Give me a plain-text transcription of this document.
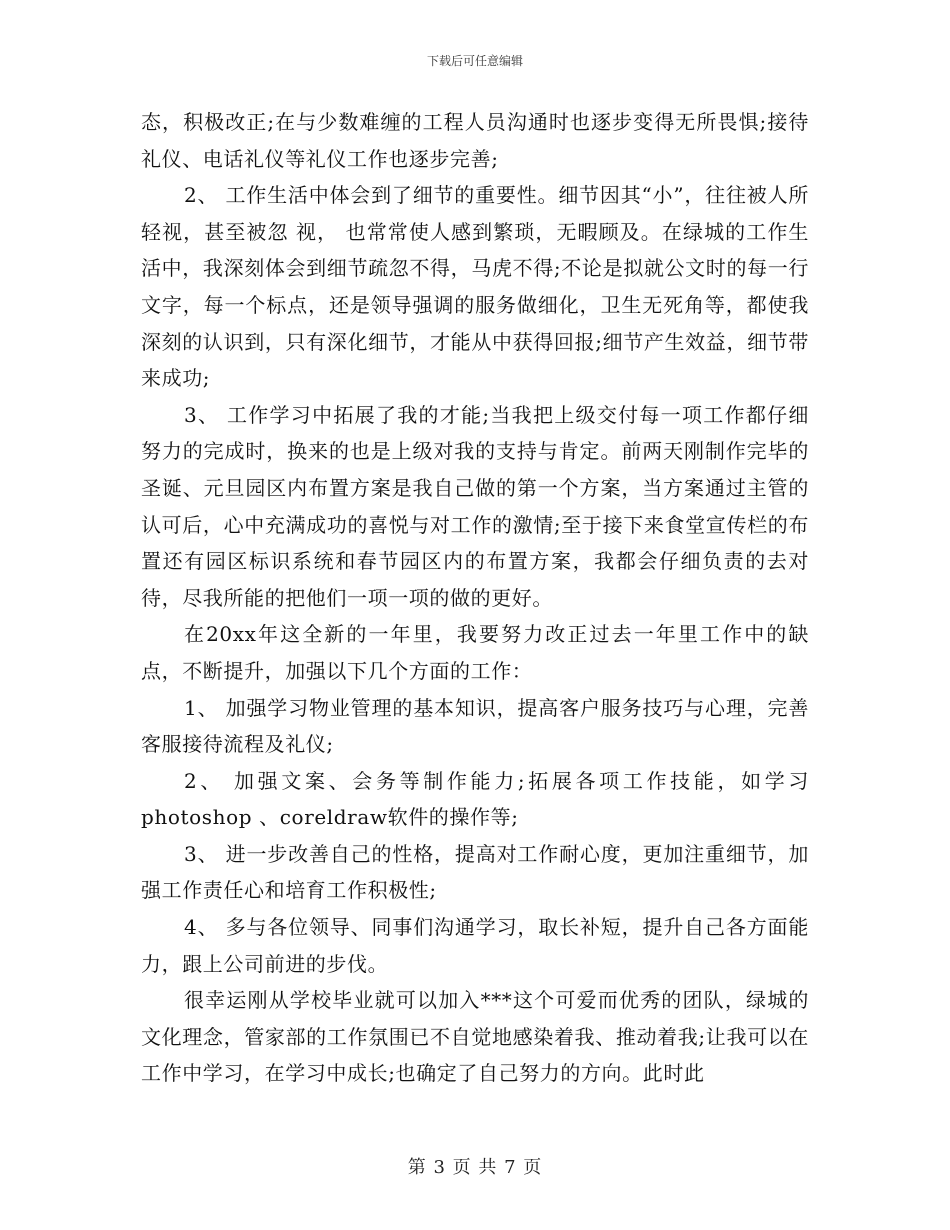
下载后可任意编辑

态，积极改正;在与少数难缠的工程人员沟通时也逐步变得无所畏惧;接待礼仪、电话礼仪等礼仪工作也逐步完善;

2、 工作生活中体会到了细节的重要性。细节因其“小”，往往被人所轻视，甚至被忽 视， 也常常使人感到繁琐，无暇顾及。在绿城的工作生活中，我深刻体会到细节疏忽不得，马虎不得;不论是拟就公文时的每一行文字，每一个标点，还是领导强调的服务做细化，卫生无死角等，都使我深刻的认识到，只有深化细节，才能从中获得回报;细节产生效益，细节带来成功;

3、 工作学习中拓展了我的才能;当我把上级交付每一项工作都仔细努力的完成时，换来的也是上级对我的支持与肯定。前两天刚制作完毕的圣诞、元旦园区内布置方案是我自己做的第一个方案，当方案通过主管的认可后，心中充满成功的喜悦与对工作的激情;至于接下来食堂宣传栏的布置还有园区标识系统和春节园区内的布置方案，我都会仔细负责的去对待，尽我所能的把他们一项一项的做的更好。

在20xx年这全新的一年里，我要努力改正过去一年里工作中的缺点，不断提升，加强以下几个方面的工作：

1、 加强学习物业管理的基本知识，提高客户服务技巧与心理，完善客服接待流程及礼仪;

2、 加强文案、会务等制作能力;拓展各项工作技能，如学习photoshop 、coreldraw软件的操作等;

3、 进一步改善自己的性格，提高对工作耐心度，更加注重细节，加强工作责任心和培育工作积极性;

4、 多与各位领导、同事们沟通学习，取长补短，提升自己各方面能力，跟上公司前进的步伐。

很幸运刚从学校毕业就可以加入***这个可爱而优秀的团队，绿城的文化理念，管家部的工作氛围已不自觉地感染着我、推动着我;让我可以在工作中学习，在学习中成长;也确定了自己努力的方向。此时此

第 3 页 共 7 页
